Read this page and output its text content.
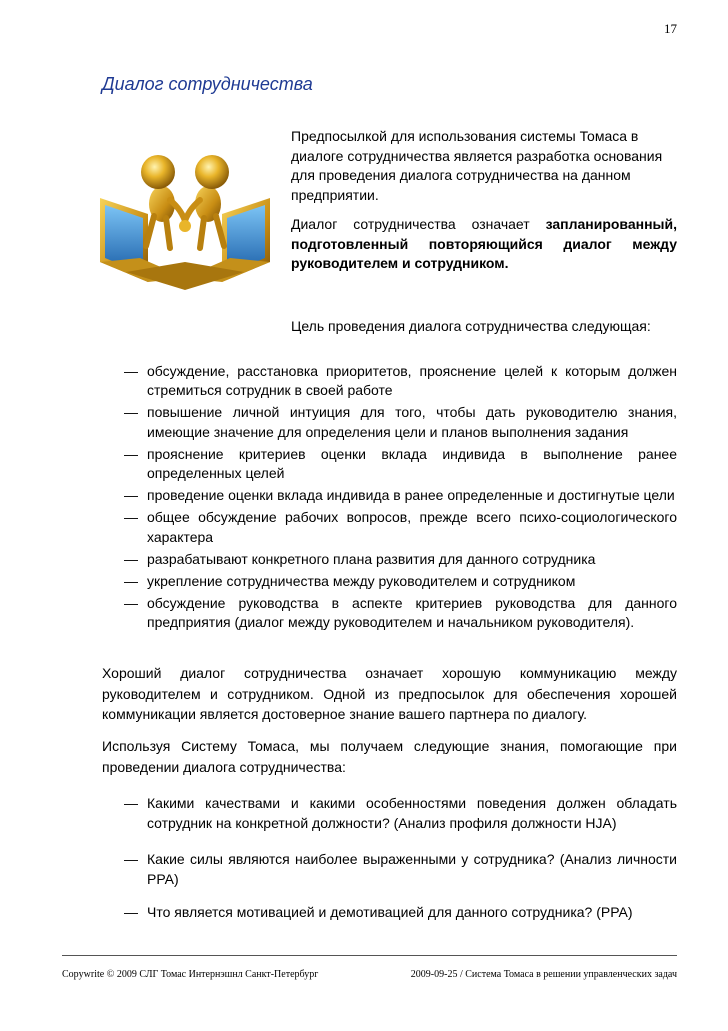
17
Диалог сотрудничества
Предпосылкой для использования системы Томаса в диалоге сотрудничества является разработка основания для проведения диалога сотрудничества на данном предприятии.
Диалог сотрудничества означает запланированный, подготовленный повторяющийся диалог между руководителем и сотрудником.
Цель проведения диалога сотрудничества следующая:
— обсуждение, расстановка приоритетов, прояснение целей к которым должен стремиться сотрудник в своей работе
— повышение личной интуиция для того, чтобы дать руководителю знания, имеющие значение для определения цели и планов выполнения задания
— прояснение критериев оценки вклада индивида в выполнение ранее определенных целей
— проведение оценки вклада индивида в ранее определенные и достигнутые цели
— общее обсуждение рабочих вопросов, прежде всего психо-социологического характера
— разрабатывают конкретного плана развития для данного сотрудника
— укрепление сотрудничества между руководителем и сотрудником
— обсуждение руководства в аспекте критериев руководства для данного предприятия (диалог между руководителем и начальником руководителя).
Хороший диалог сотрудничества означает хорошую коммуникацию между руководителем и сотрудником. Одной из предпосылок для обеспечения хорошей коммуникации является достоверное знание вашего партнера по диалогу.
Используя Систему Томаса, мы получаем следующие знания, помогающие при проведении диалога сотрудничества:
— Какими качествами и какими особенностями поведения должен обладать сотрудник на конкретной должности? (Анализ профиля должности HJA)
— Какие силы являются наиболее выраженными у сотрудника? (Анализ личности PPA)
— Что является мотивацией и демотивацией для данного сотрудника? (PPA)
Copywrite © 2009 СЛГ Томас Интернэшнл Санкт-Петербург	2009-09-25 / Система Томаса в решении управленческих задач
